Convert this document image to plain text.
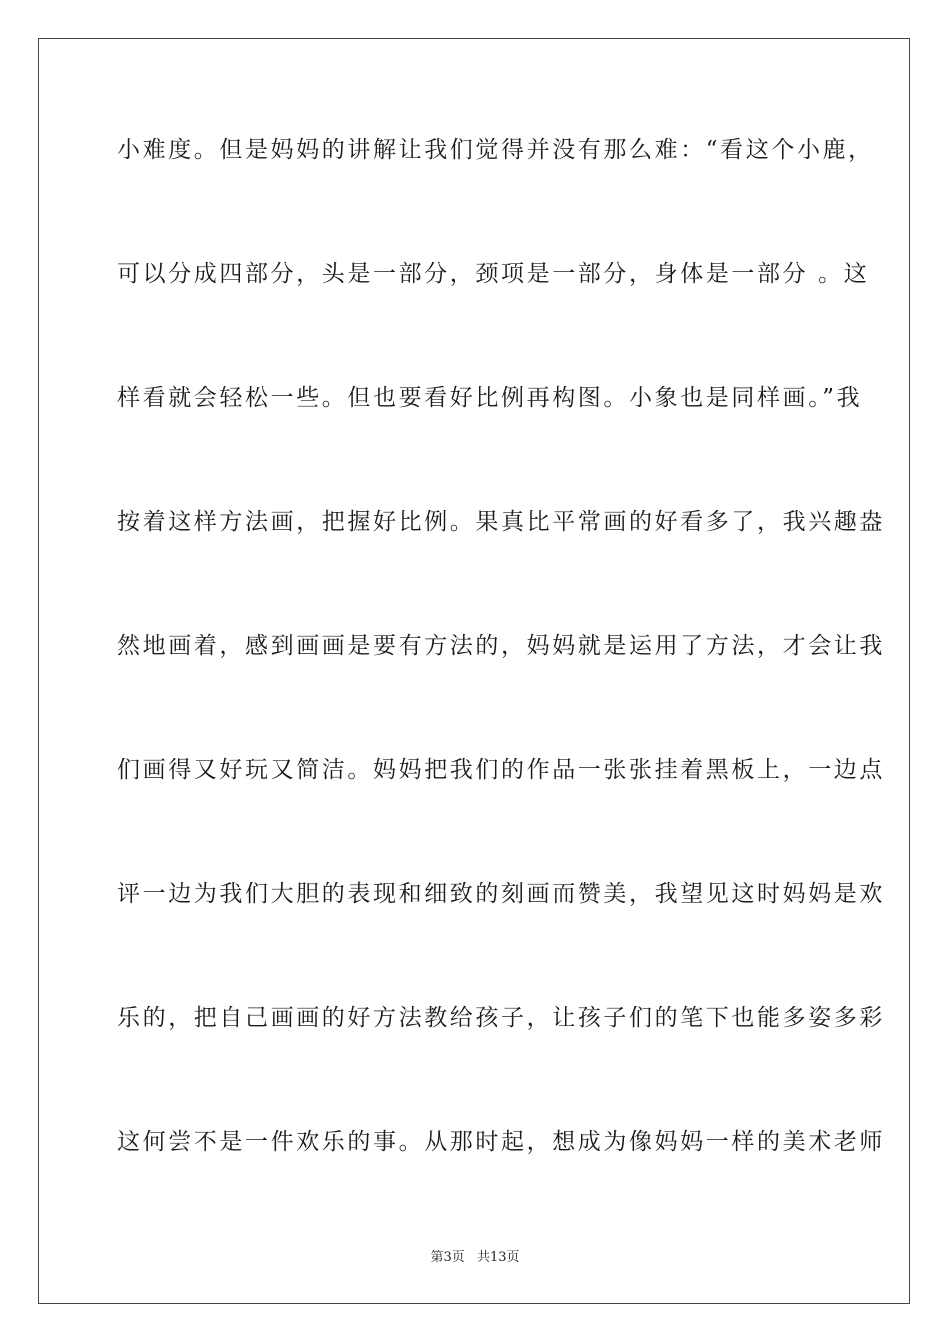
小难度。但是妈妈的讲解让我们觉得并没有那么难：“看这个小鹿，
可以分成四部分，头是一部分，颈项是一部分，身体是一部分 。这
样看就会轻松一些。但也要看好比例再构图。小象也是同样画。”我
按着这样方法画，把握好比例。果真比平常画的好看多了，我兴趣盎
然地画着，感到画画是要有方法的，妈妈就是运用了方法，才会让我
们画得又好玩又简洁。妈妈把我们的作品一张张挂着黑板上，一边点
评一边为我们大胆的表现和细致的刻画而赞美，我望见这时妈妈是欢
乐的，把自己画画的好方法教给孩子，让孩子们的笔下也能多姿多彩
这何尝不是一件欢乐的事。从那时起，想成为像妈妈一样的美术老师
第3页 共13页
